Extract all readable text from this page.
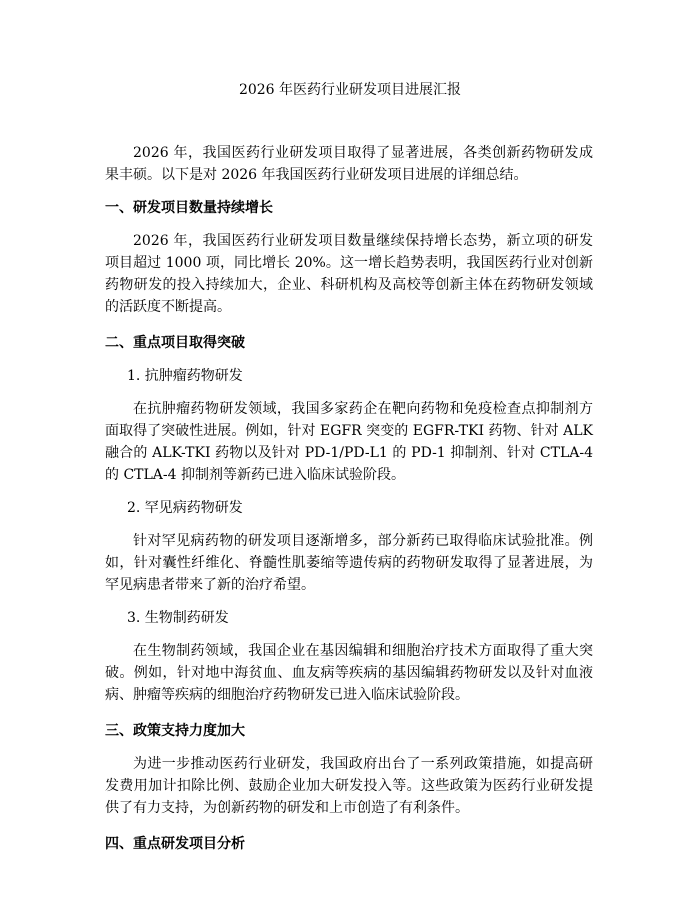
2026 年医药行业研发项目进展汇报

2026 年，我国医药行业研发项目取得了显著进展，各类创新药物研发成果丰硕。以下是对 2026 年我国医药行业研发项目进展的详细总结。

一、研发项目数量持续增长

2026 年，我国医药行业研发项目数量继续保持增长态势，新立项的研发项目超过 1000 项，同比增长 20%。这一增长趋势表明，我国医药行业对创新药物研发的投入持续加大，企业、科研机构及高校等创新主体在药物研发领域的活跃度不断提高。

二、重点项目取得突破

1. 抗肿瘤药物研发

在抗肿瘤药物研发领域，我国多家药企在靶向药物和免疫检查点抑制剂方面取得了突破性进展。例如，针对 EGFR 突变的 EGFR-TKI 药物、针对 ALK 融合的 ALK-TKI 药物以及针对 PD-1/PD-L1 的 PD-1 抑制剂、针对 CTLA-4 的 CTLA-4 抑制剂等新药已进入临床试验阶段。

2. 罕见病药物研发

针对罕见病药物的研发项目逐渐增多，部分新药已取得临床试验批准。例如，针对囊性纤维化、脊髓性肌萎缩等遗传病的药物研发取得了显著进展，为罕见病患者带来了新的治疗希望。

3. 生物制药研发

在生物制药领域，我国企业在基因编辑和细胞治疗技术方面取得了重大突破。例如，针对地中海贫血、血友病等疾病的基因编辑药物研发以及针对血液病、肿瘤等疾病的细胞治疗药物研发已进入临床试验阶段。

三、政策支持力度加大

为进一步推动医药行业研发，我国政府出台了一系列政策措施，如提高研发费用加计扣除比例、鼓励企业加大研发投入等。这些政策为医药行业研发提供了有力支持，为创新药物的研发和上市创造了有利条件。

四、重点研发项目分析
